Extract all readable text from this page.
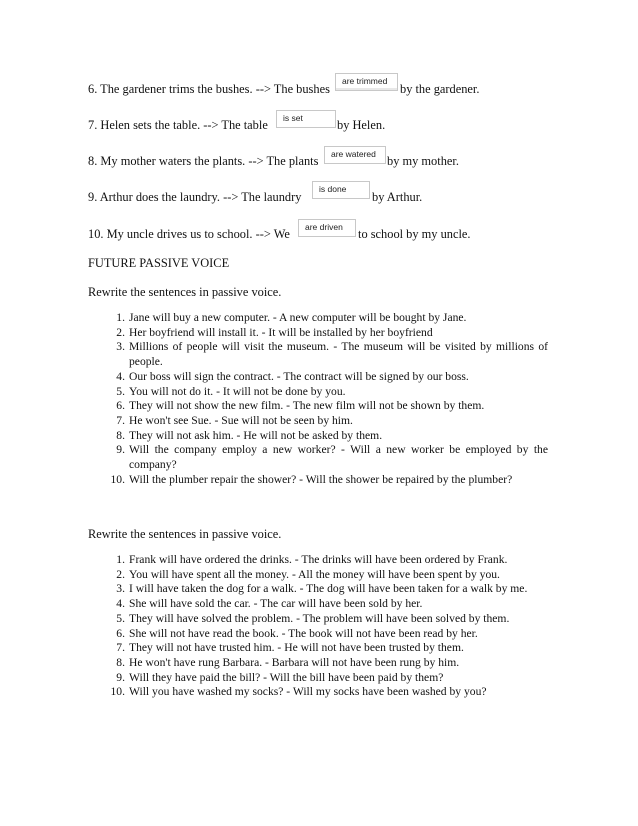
6. The gardener trims the bushes. --> The bushes
are trimmed
by the gardener.
7. Helen sets the table. --> The table	is set	by Helen.
8. My mother waters the plants. --> The plants	are watered by my mother.
9. Arthur does the laundry. --> The laundry
is done
by Arthur.
10. My uncle drives us to school. --> We	are driven	to school by my uncle.
FUTURE PASSIVE VOICE
Rewrite the sentences in passive voice.
1. Jane will buy a new computer. - A new computer will be bought by Jane.
2. Her boyfriend will install it. - It will be installed by her boyfriend
3. Millions of people will visit the museum. - The museum will be visited by millions of people.
4. Our boss will sign the contract. - The contract will be signed by our boss.
5. You will not do it. - It will not be done by you.
6. They will not show the new film. - The new film will not be shown by them.
7. He won't see Sue. - Sue will not be seen by him.
8. They will not ask him. - He will not be asked by them.
9. Will the company employ a new worker? - Will a new worker be employed by the company?
10. Will the plumber repair the shower? - Will the shower be repaired by the plumber?
Rewrite the sentences in passive voice.
1. Frank will have ordered the drinks. - The drinks will have been ordered by Frank.
2. You will have spent all the money. - All the money will have been spent by you.
3. I will have taken the dog for a walk. - The dog will have been taken for a walk by me.
4. She will have sold the car. - The car will have been sold by her.
5. They will have solved the problem. - The problem will have been solved by them.
6. She will not have read the book. - The book will not have been read by her.
7. They will not have trusted him. - He will not have been trusted by them.
8. He won't have rung Barbara. - Barbara will not have been rung by him.
9. Will they have paid the bill? - Will the bill have been paid by them?
10. Will you have washed my socks? - Will my socks have been washed by you?
